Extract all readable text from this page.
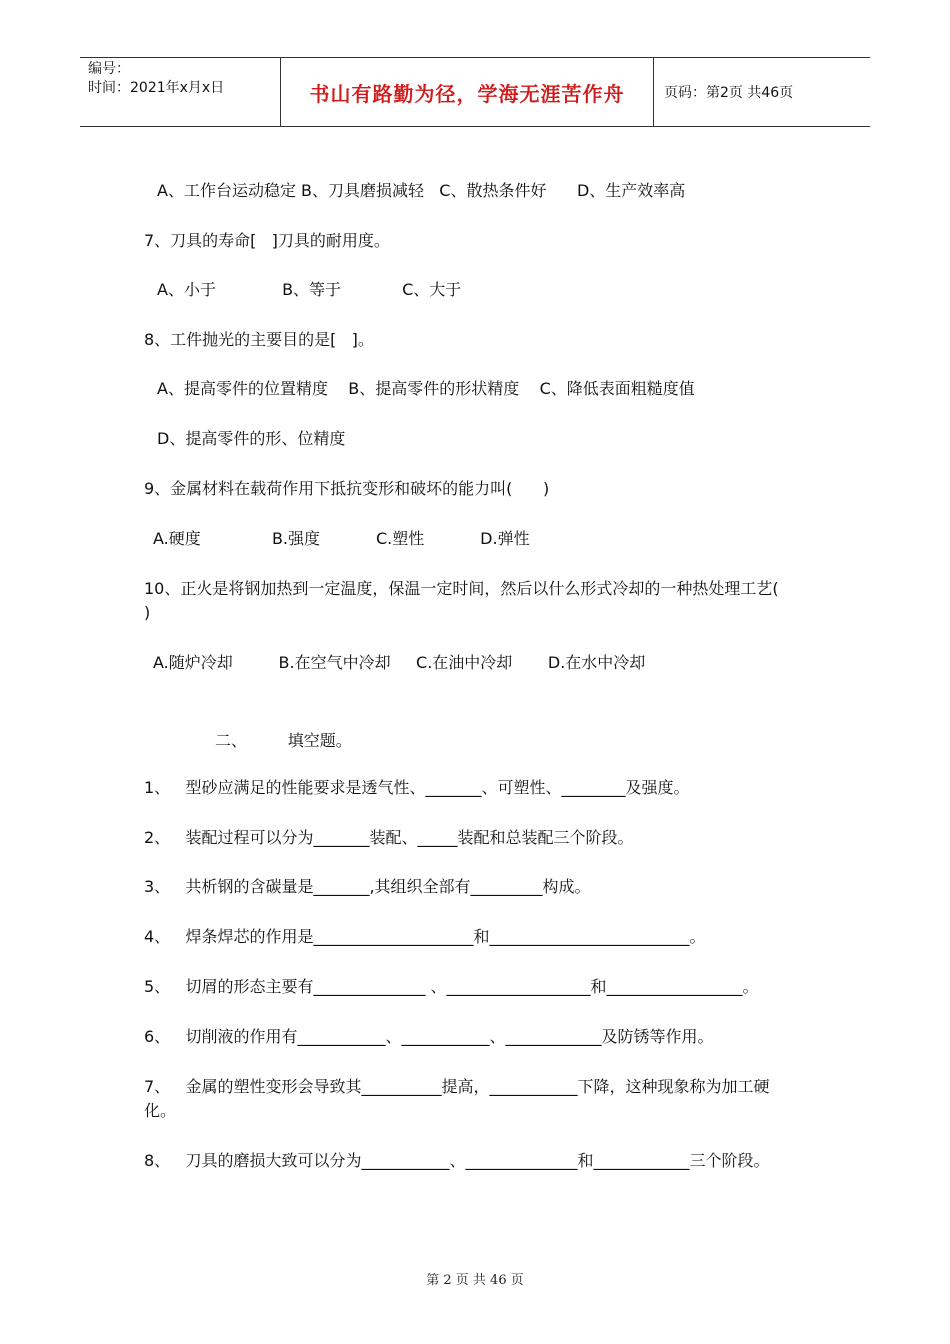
编号：
时间：2021年x月x日	书山有路勤为径，学海无涯苦作舟	页码：第2页 共46页
A、工作台运动稳定 B、刀具磨损减轻   C、散热条件好      D、生产效率高
7、刀具的寿命[   ]刀具的耐用度。
A、小于             B、等于            C、大于
8、工件抛光的主要目的是[   ]。
A、提高零件的位置精度    B、提高零件的形状精度    C、降低表面粗糙度值
D、提高零件的形、位精度
9、金属材料在载荷作用下抵抗变形和破坏的能力叫(      )
A.硬度              B.强度           C.塑性           D.弹性
10、正火是将钢加热到一定温度，保温一定时间，然后以什么形式冷却的一种热处理工艺(
)
A.随炉冷却         B.在空气中冷却     C.在油中冷却       D.在水中冷却
二、        填空题。
1、   型砂应满足的性能要求是透气性、_______、可塑性、________及强度。
2、   装配过程可以分为_______装配、_____装配和总装配三个阶段。
3、   共析钢的含碳量是_______,其组织全部有_________构成。
4、   焊条焊芯的作用是____________________和_________________________。
5、   切屑的形态主要有______________ 、__________________和_________________。
6、   切削液的作用有___________、___________、____________及防锈等作用。
7、   金属的塑性变形会导致其__________提高，___________下降，这种现象称为加工硬
化。
8、   刀具的磨损大致可以分为___________、______________和____________三个阶段。
第 2 页 共 46 页
